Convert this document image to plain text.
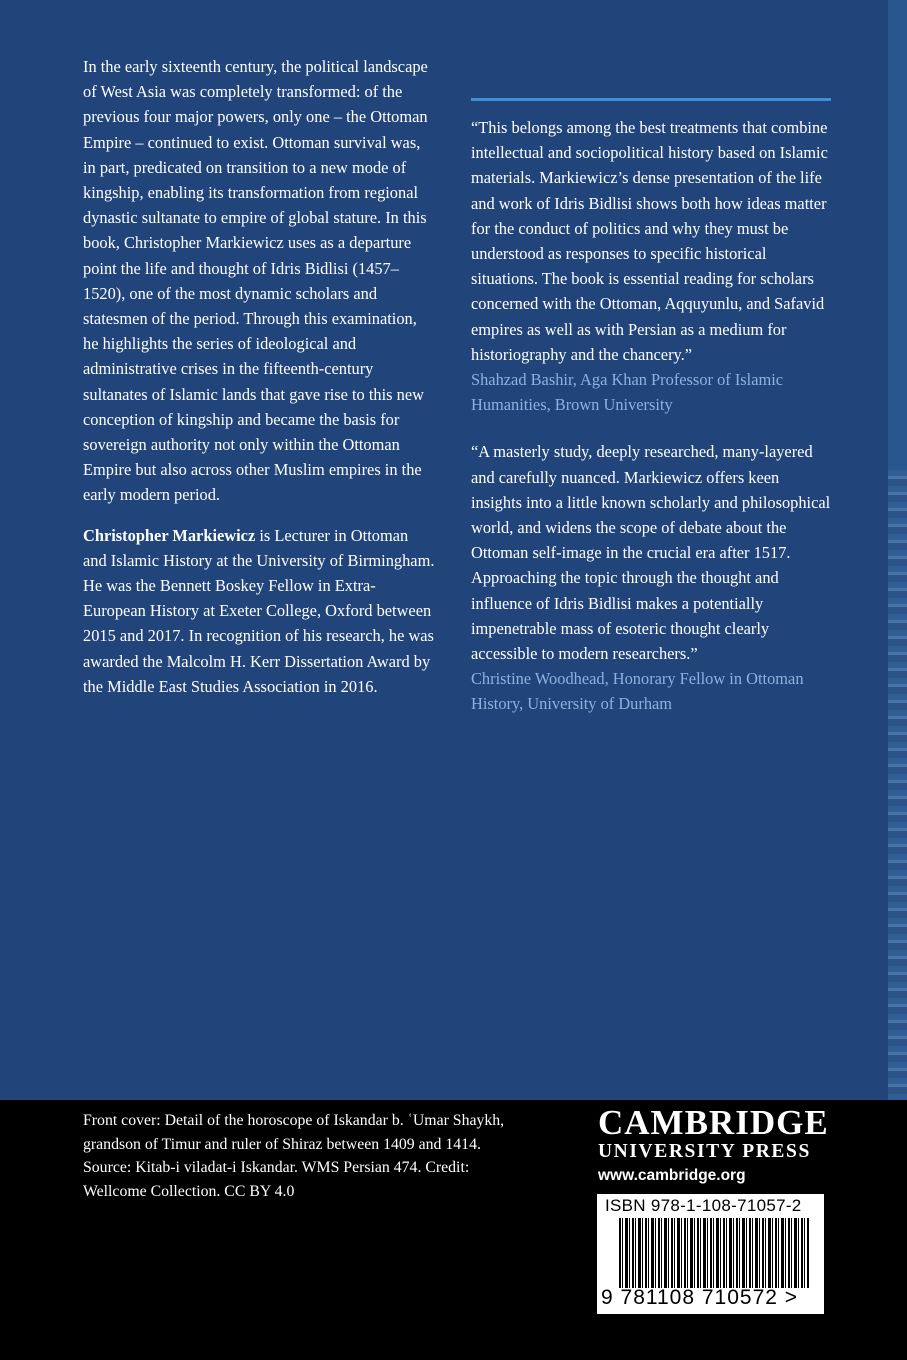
In the early sixteenth century, the political landscape of West Asia was completely transformed: of the previous four major powers, only one – the Ottoman Empire – continued to exist. Ottoman survival was, in part, predicated on transition to a new mode of kingship, enabling its transformation from regional dynastic sultanate to empire of global stature. In this book, Christopher Markiewicz uses as a departure point the life and thought of Idris Bidlisi (1457–1520), one of the most dynamic scholars and statesmen of the period. Through this examination, he highlights the series of ideological and administrative crises in the fifteenth-century sultanates of Islamic lands that gave rise to this new conception of kingship and became the basis for sovereign authority not only within the Ottoman Empire but also across other Muslim empires in the early modern period.

Christopher Markiewicz is Lecturer in Ottoman and Islamic History at the University of Birmingham. He was the Bennett Boskey Fellow in Extra-European History at Exeter College, Oxford between 2015 and 2017. In recognition of his research, he was awarded the Malcolm H. Kerr Dissertation Award by the Middle East Studies Association in 2016.

“This belongs among the best treatments that combine intellectual and sociopolitical history based on Islamic materials. Markiewicz’s dense presentation of the life and work of Idris Bidlisi shows both how ideas matter for the conduct of politics and why they must be understood as responses to specific historical situations. The book is essential reading for scholars concerned with the Ottoman, Aqquyunlu, and Safavid empires as well as with Persian as a medium for historiography and the chancery.”

Shahzad Bashir, Aga Khan Professor of Islamic Humanities, Brown University

“A masterly study, deeply researched, many-layered and carefully nuanced. Markiewicz offers keen insights into a little known scholarly and philosophical world, and widens the scope of debate about the Ottoman self-image in the crucial era after 1517. Approaching the topic through the thought and influence of Idris Bidlisi makes a potentially impenetrable mass of esoteric thought clearly accessible to modern researchers.”

Christine Woodhead, Honorary Fellow in Ottoman History, University of Durham

Front cover: Detail of the horoscope of Iskandar b. ʿUmar Shaykh, grandson of Timur and ruler of Shiraz between 1409 and 1414. Source: Kitab-i viladat-i Iskandar. WMS Persian 474. Credit: Wellcome Collection. CC BY 4.0
CAMBRIDGE
UNIVERSITY PRESS
www.cambridge.org
ISBN 978-1-108-71057-2
9 781108 710572 >
